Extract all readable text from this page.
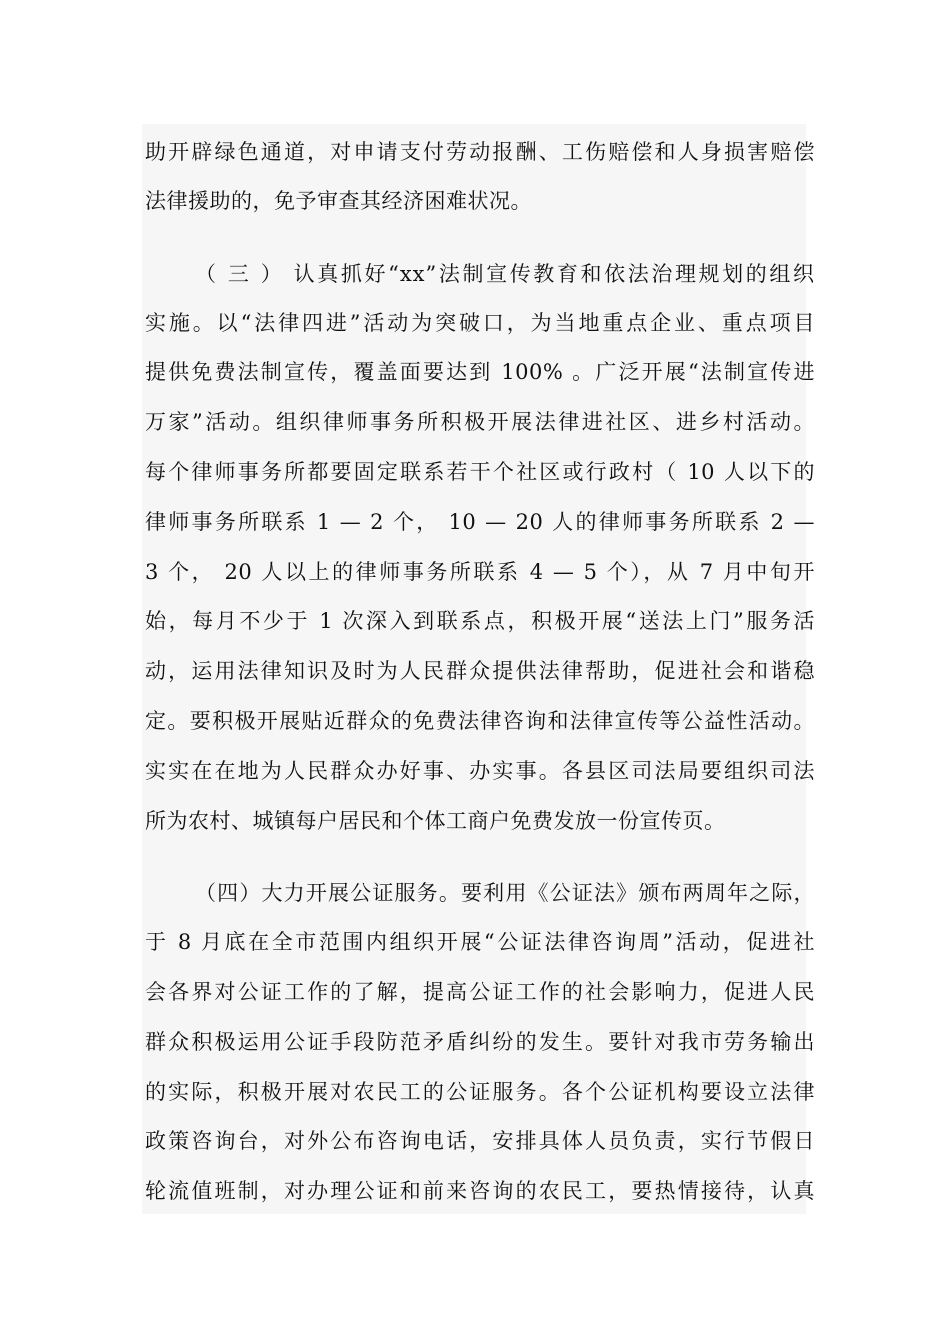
助开辟绿色通道，对申请支付劳动报酬、工伤赔偿和人身损害赔偿
法律援助的，免予审查其经济困难状况。
（ 三 ） 认真抓好“xx”法制宣传教育和依法治理规划的组织
实施。以“法律四进”活动为突破口，为当地重点企业、重点项目
提供免费法制宣传，覆盖面要达到 100% 。广泛开展“法制宣传进
万家”活动。组织律师事务所积极开展法律进社区、进乡村活动。
每个律师事务所都要固定联系若干个社区或行政村（ 10 人以下的
律师事务所联系 1 — 2 个， 10 — 20 人的律师事务所联系 2 —
3 个， 20 人以上的律师事务所联系 4 — 5 个），从 7 月中旬开
始，每月不少于 1 次深入到联系点，积极开展“送法上门”服务活
动，运用法律知识及时为人民群众提供法律帮助，促进社会和谐稳
定。要积极开展贴近群众的免费法律咨询和法律宣传等公益性活动。
实实在在地为人民群众办好事、办实事。各县区司法局要组织司法
所为农村、城镇每户居民和个体工商户免费发放一份宣传页。
（四）大力开展公证服务。要利用《公证法》颁布两周年之际，
于 8 月底在全市范围内组织开展“公证法律咨询周”活动，促进社
会各界对公证工作的了解，提高公证工作的社会影响力，促进人民
群众积极运用公证手段防范矛盾纠纷的发生。要针对我市劳务输出
的实际，积极开展对农民工的公证服务。各个公证机构要设立法律
政策咨询台，对外公布咨询电话，安排具体人员负责，实行节假日
轮流值班制，对办理公证和前来咨询的农民工，要热情接待，认真
